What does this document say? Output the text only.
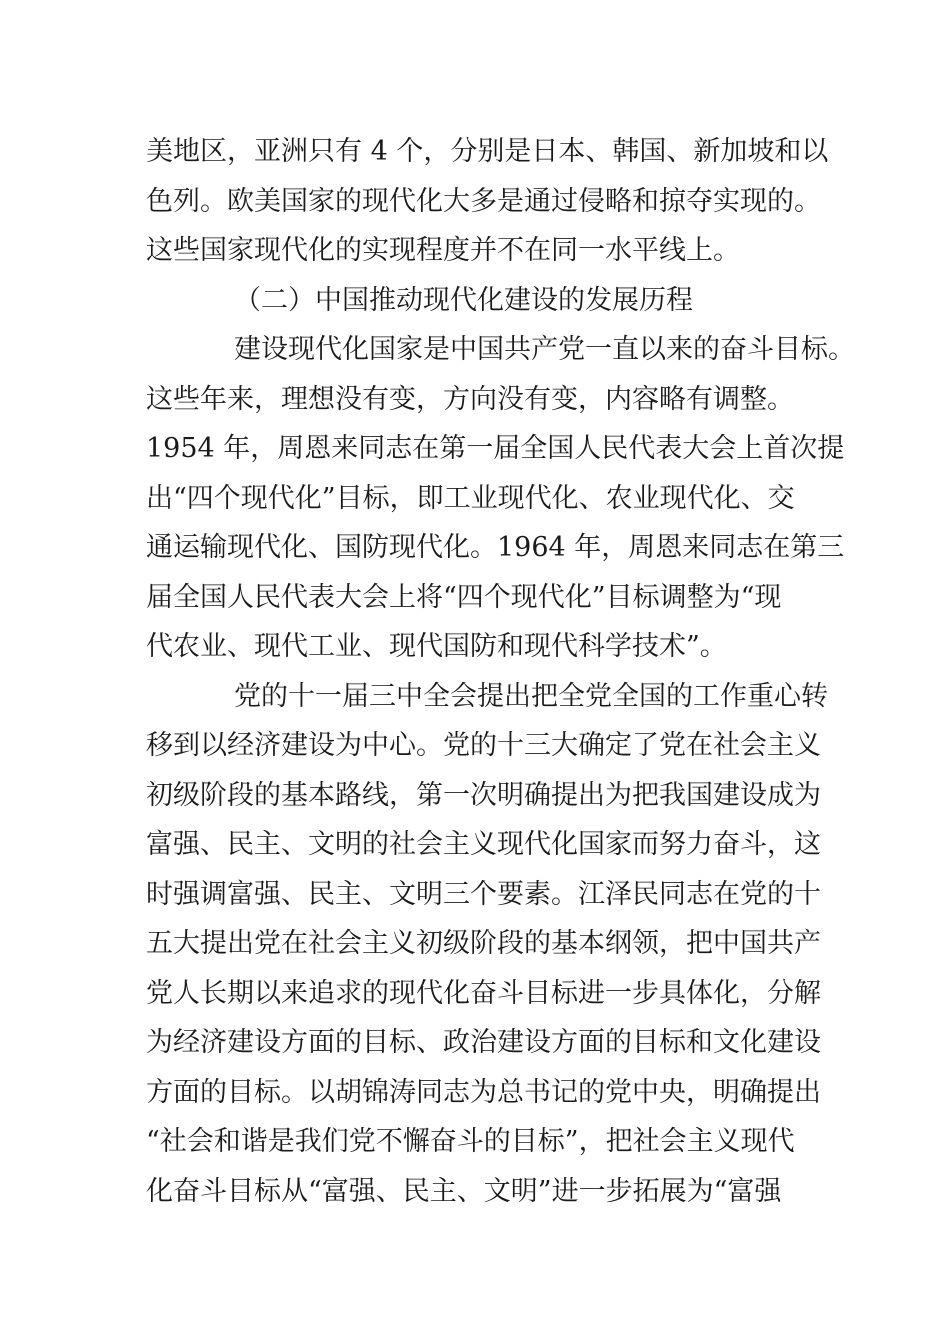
美地区，亚洲只有 4 个，分别是日本、韩国、新加坡和以
色列。欧美国家的现代化大多是通过侵略和掠夺实现的。
这些国家现代化的实现程度并不在同一水平线上。
（二）中国推动现代化建设的发展历程
建设现代化国家是中国共产党一直以来的奋斗目标。
这些年来，理想没有变，方向没有变，内容略有调整。
1954 年，周恩来同志在第一届全国人民代表大会上首次提
出“四个现代化”目标，即工业现代化、农业现代化、交
通运输现代化、国防现代化。1964 年，周恩来同志在第三
届全国人民代表大会上将“四个现代化”目标调整为“现
代农业、现代工业、现代国防和现代科学技术”。
党的十一届三中全会提出把全党全国的工作重心转
移到以经济建设为中心。党的十三大确定了党在社会主义
初级阶段的基本路线，第一次明确提出为把我国建设成为
富强、民主、文明的社会主义现代化国家而努力奋斗，这
时强调富强、民主、文明三个要素。江泽民同志在党的十
五大提出党在社会主义初级阶段的基本纲领，把中国共产
党人长期以来追求的现代化奋斗目标进一步具体化，分解
为经济建设方面的目标、政治建设方面的目标和文化建设
方面的目标。以胡锦涛同志为总书记的党中央，明确提出
“社会和谐是我们党不懈奋斗的目标”，把社会主义现代
化奋斗目标从“富强、民主、文明”进一步拓展为“富强
